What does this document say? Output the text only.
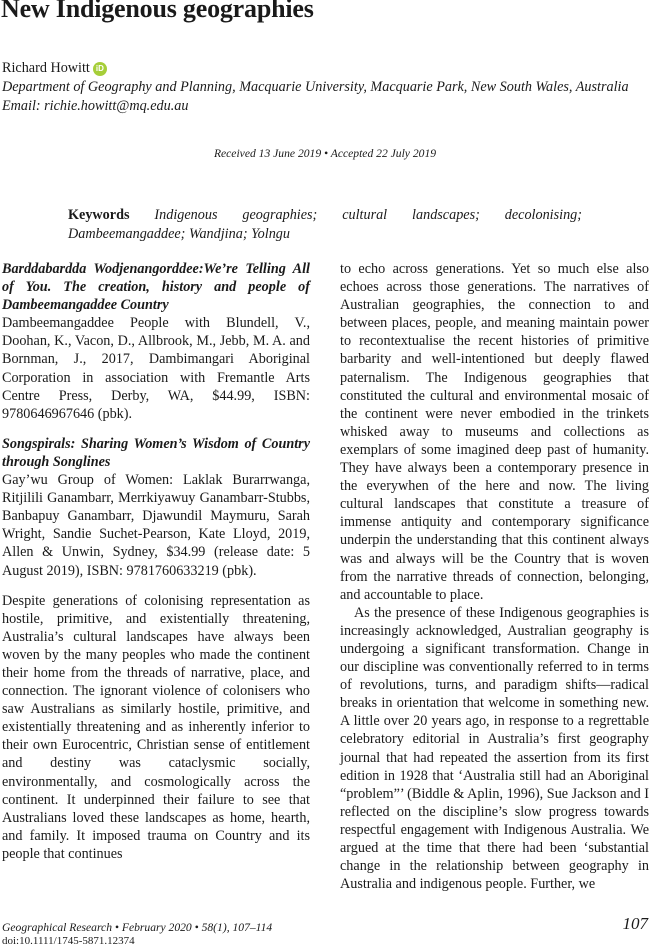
New Indigenous geographies
Richard Howitt iD
Department of Geography and Planning, Macquarie University, Macquarie Park, New South Wales, Australia
Email: richie.howitt@mq.edu.au
Received 13 June 2019 • Accepted 22 July 2019
Keywords Indigenous geographies; cultural landscapes; decolonising; Dambeemangaddee; Wandjina; Yolngu

Barddabardda Wodjenangorddee:We’re Telling All of You. The creation, history and people of Dambeemangaddee Country

Dambeemangaddee People with Blundell, V., Doohan, K., Vacon, D., Allbrook, M., Jebb, M. A. and Bornman, J., 2017, Dambimangari Aboriginal Corporation in association with Fremantle Arts Centre Press, Derby, WA, $44.99, ISBN: 9780646967646 (pbk).

Songspirals: Sharing Women’s Wisdom of Country through Songlines

Gay’wu Group of Women: Laklak Burarrwanga, Ritjilili Ganambarr, Merrkiyawuy Ganambarr-Stubbs, Banbapuy Ganambarr, Djawundil Maymuru, Sarah Wright, Sandie Suchet-Pearson, Kate Lloyd, 2019, Allen & Unwin, Sydney, $34.99 (release date: 5 August 2019), ISBN: 9781760633219 (pbk).

Despite generations of colonising representation as hostile, primitive, and existentially threatening, Australia’s cultural landscapes have always been woven by the many peoples who made the continent their home from the threads of narrative, place, and connection. The ignorant violence of colonisers who saw Australians as similarly hostile, primitive, and existentially threatening and as inherently inferior to their own Eurocentric, Christian sense of entitlement and destiny was cataclysmic socially, environmentally, and cosmologically across the continent. It underpinned their failure to see that Australians loved these landscapes as home, hearth, and family. It imposed trauma on Country and its people that continues

to echo across generations. Yet so much else also echoes across those generations. The narratives of Australian geographies, the connection to and between places, people, and meaning maintain power to recontextualise the recent histories of primitive barbarity and well-intentioned but deeply flawed paternalism. The Indigenous geographies that constituted the cultural and environmental mosaic of the continent were never embodied in the trinkets whisked away to museums and collections as exemplars of some imagined deep past of humanity. They have always been a contemporary presence in the everywhen of the here and now. The living cultural landscapes that constitute a treasure of immense antiquity and contemporary significance underpin the understanding that this continent always was and always will be the Country that is woven from the narrative threads of connection, belonging, and accountable to place.

As the presence of these Indigenous geographies is increasingly acknowledged, Australian geography is undergoing a significant transformation. Change in our discipline was conventionally referred to in terms of revolutions, turns, and paradigm shifts—radical breaks in orientation that welcome in something new. A little over 20 years ago, in response to a regrettable celebratory editorial in Australia’s first geography journal that had repeated the assertion from its first edition in 1928 that ‘Australia still had an Aboriginal “problem”’ (Biddle & Aplin, 1996), Sue Jackson and I reflected on the discipline’s slow progress towards respectful engagement with Indigenous Australia. We argued at the time that there had been ‘substantial change in the relationship between geography in Australia and indigenous people. Further, we

Geographical Research • February 2020 • 58(1), 107–114	107
doi:10.1111/1745-5871.12374
